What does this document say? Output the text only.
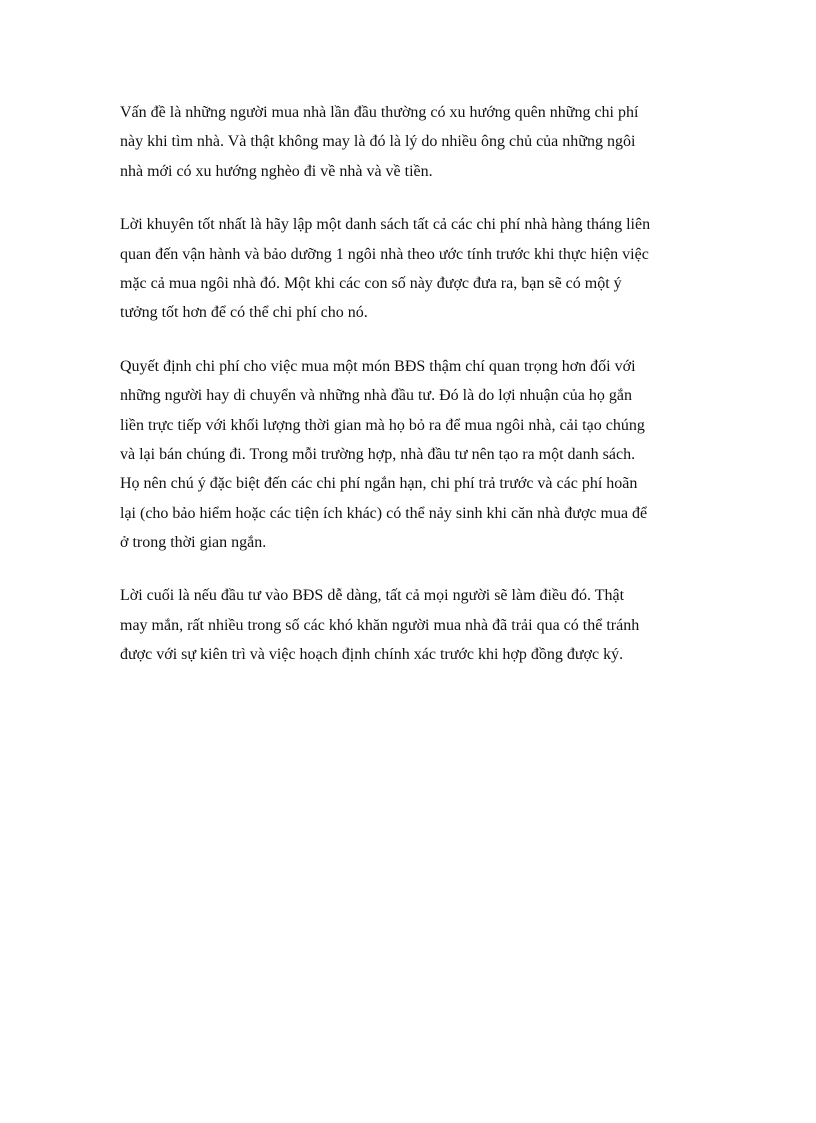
Vấn đề là những người mua nhà lần đầu thường có xu hướng quên những chi phí
này khi tìm nhà. Và thật không may là đó là lý do nhiều ông chủ của những ngôi
nhà mới có xu hướng nghèo đi về nhà và về tiền.

Lời khuyên tốt nhất là hãy lập một danh sách tất cả các chi phí nhà hàng tháng liên
quan đến vận hành và bảo dưỡng 1 ngôi nhà theo ước tính trước khi thực hiện việc
mặc cả mua ngôi nhà đó. Một khi các con số này được đưa ra, bạn sẽ có một ý
tưởng tốt hơn để có thể chi phí cho nó.

Quyết định chi phí cho việc mua một món BĐS thậm chí quan trọng hơn đối với
những người hay di chuyển và những nhà đầu tư. Đó là do lợi nhuận của họ gắn
liền trực tiếp với khối lượng thời gian mà họ bỏ ra để mua ngôi nhà, cải tạo chúng
và lại bán chúng đi. Trong mỗi trường hợp, nhà đầu tư nên tạo ra một danh sách.
Họ nên chú ý đặc biệt đến các chi phí ngắn hạn, chi phí trả trước và các phí hoãn
lại (cho bảo hiểm hoặc các tiện ích khác) có thể nảy sinh khi căn nhà được mua để
ở trong thời gian ngắn.

Lời cuối là nếu đầu tư vào BĐS dễ dàng, tất cả mọi người sẽ làm điều đó. Thật
may mắn, rất nhiều trong số các khó khăn người mua nhà đã trải qua có thể tránh
được với sự kiên trì và việc hoạch định chính xác trước khi hợp đồng được ký.
